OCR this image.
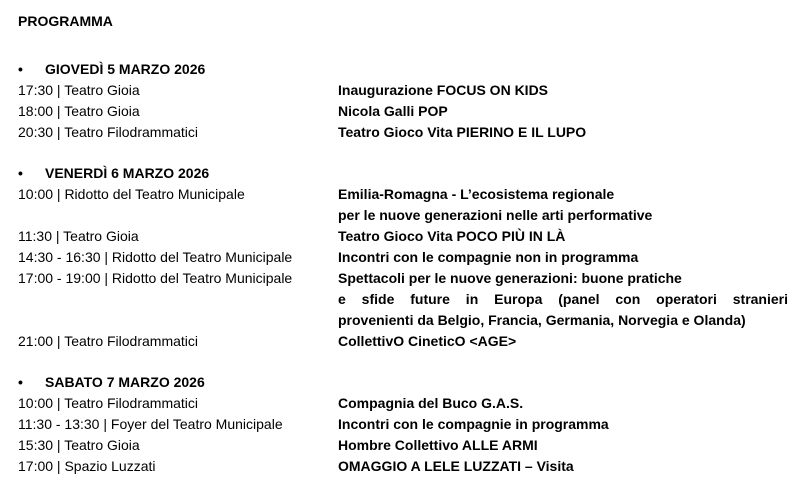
PROGRAMMA
• GIOVEDÌ 5 MARZO 2026
17:30 | Teatro Gioia	Inaugurazione FOCUS ON KIDS
18:00 | Teatro Gioia	Nicola Galli POP
20:30 | Teatro Filodrammatici	Teatro Gioco Vita PIERINO E IL LUPO
• VENERDÌ 6 MARZO 2026
10:00 | Ridotto del Teatro Municipale	Emilia-Romagna - L’ecosistema regionale
per le nuove generazioni nelle arti performative
11:30 | Teatro Gioia	Teatro Gioco Vita POCO PIÙ IN LÀ
14:30 - 16:30 | Ridotto del Teatro Municipale	Incontri con le compagnie non in programma
17:00 - 19:00 | Ridotto del Teatro Municipale	Spettacoli per le nuove generazioni: buone pratiche
e sfide future in Europa (panel con operatori stranieri
provenienti da Belgio, Francia, Germania, Norvegia e Olanda)
21:00 | Teatro Filodrammatici	CollettivO CineticO <AGE>
• SABATO 7 MARZO 2026
10:00 | Teatro Filodrammatici	Compagnia del Buco G.A.S.
11:30 - 13:30 | Foyer del Teatro Municipale	Incontri con le compagnie in programma
15:30 | Teatro Gioia	Hombre Collettivo ALLE ARMI
17:00 | Spazio Luzzati	OMAGGIO A LELE LUZZATI – Visita
